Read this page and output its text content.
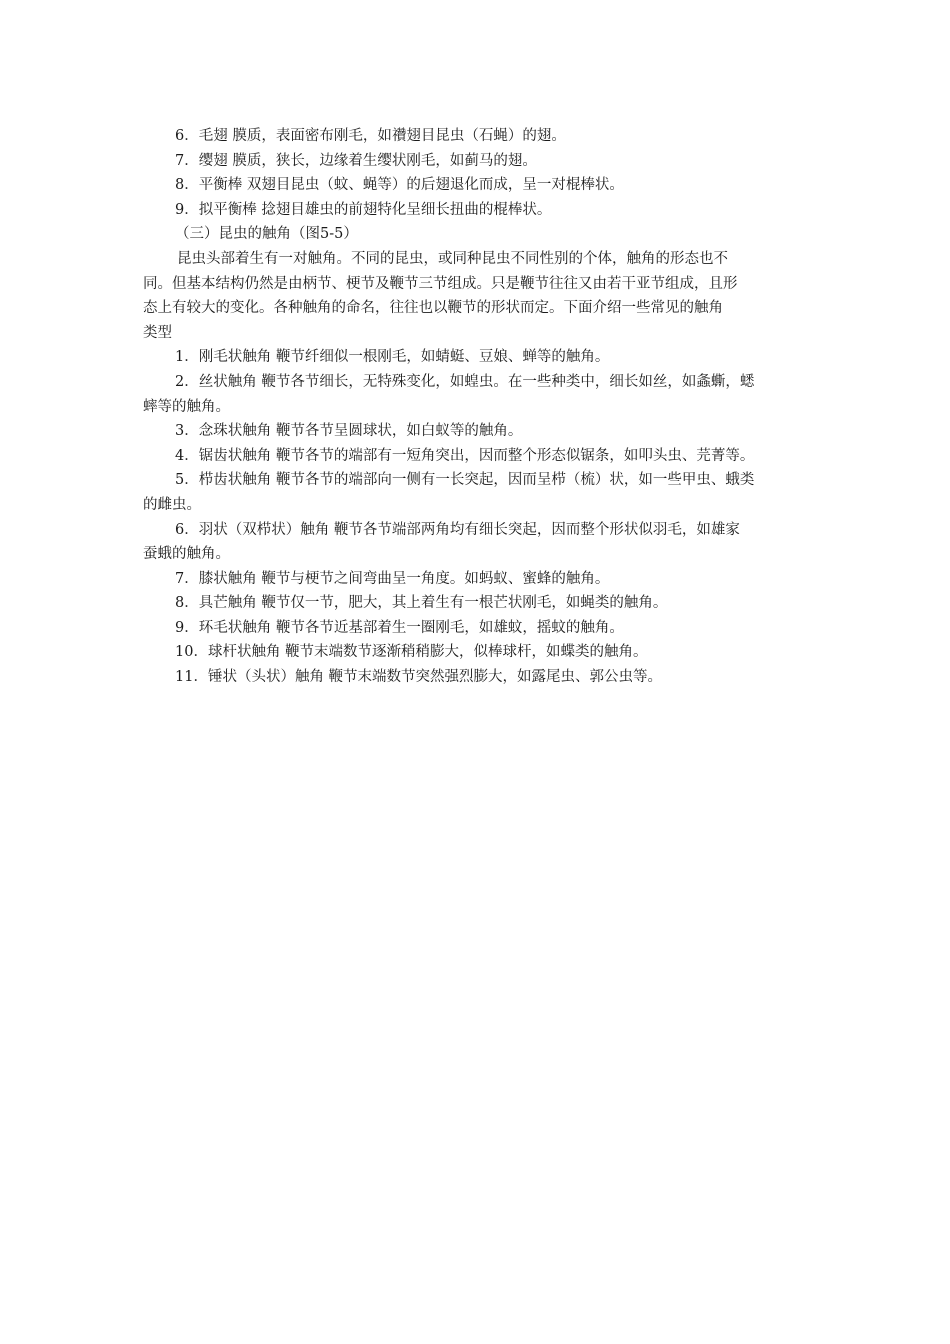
6．毛翅 膜质，表面密布刚毛，如禶翅目昆虫（石蝇）的翅。
7．缨翅 膜质，狭长，边缘着生缨状刚毛，如蓟马的翅。
8．平衡棒 双翅目昆虫（蚊、蝇等）的后翅退化而成，呈一对棍棒状。
9．拟平衡棒 捻翅目雄虫的前翅特化呈细长扭曲的棍棒状。
（三）昆虫的触角（图5-5）
昆虫头部着生有一对触角。不同的昆虫，或同种昆虫不同性别的个体，触角的形态也不
同。但基本结构仍然是由柄节、梗节及鞭节三节组成。只是鞭节往往又由若干亚节组成，且形
态上有较大的变化。各种触角的命名，往往也以鞭节的形状而定。下面介绍一些常见的触角
类型
1．刚毛状触角 鞭节纤细似一根刚毛，如蜻蜓、豆娘、蝉等的触角。
2．丝状触角 鞭节各节细长，无特殊变化，如蝗虫。在一些种类中，细长如丝，如螽蟖，蟋
蟀等的触角。
3．念珠状触角 鞭节各节呈圆球状，如白蚁等的触角。
4．锯齿状触角 鞭节各节的端部有一短角突出，因而整个形态似锯条，如叩头虫、芫菁等。
5．栉齿状触角 鞭节各节的端部向一侧有一长突起，因而呈栉（梳）状，如一些甲虫、蛾类
的雌虫。
6．羽状（双栉状）触角 鞭节各节端部两角均有细长突起，因而整个形状似羽毛，如雄家
蚕蛾的触角。
7．膝状触角 鞭节与梗节之间弯曲呈一角度。如蚂蚁、蜜蜂的触角。
8．具芒触角 鞭节仅一节，肥大，其上着生有一根芒状刚毛，如蝇类的触角。
9．环毛状触角 鞭节各节近基部着生一圈刚毛，如雄蚊，摇蚊的触角。
10．球杆状触角 鞭节末端数节逐渐稍稍膨大，似棒球杆，如蝶类的触角。
11．锤状（头状）触角 鞭节末端数节突然强烈膨大，如露尾虫、郭公虫等。
